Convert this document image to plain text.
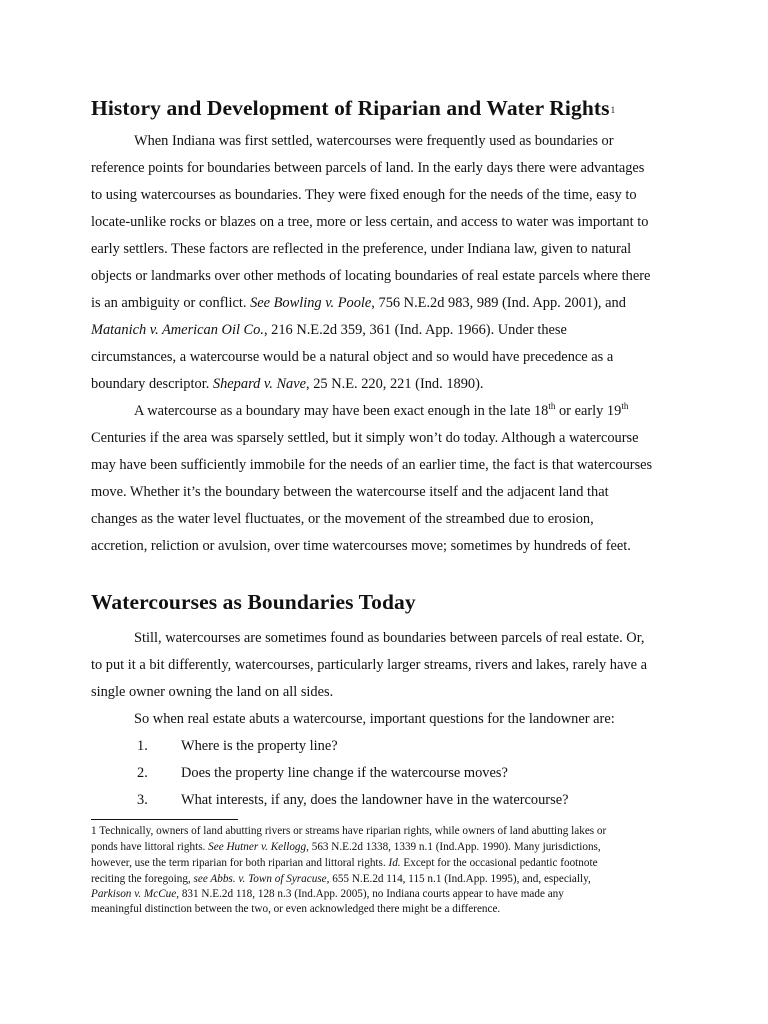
History and Development of Riparian and Water Rights1

When Indiana was first settled, watercourses were frequently used as boundaries or

reference points for boundaries between parcels of land. In the early days there were advantages

to using watercourses as boundaries. They were fixed enough for the needs of the time, easy to

locate-unlike rocks or blazes on a tree, more or less certain, and access to water was important to

early settlers. These factors are reflected in the preference, under Indiana law, given to natural

objects or landmarks over other methods of locating boundaries of real estate parcels where there

is an ambiguity or conflict. See Bowling v. Poole, 756 N.E.2d 983, 989 (Ind. App. 2001), and

Matanich v. American Oil Co., 216 N.E.2d 359, 361 (Ind. App. 1966). Under these

circumstances, a watercourse would be a natural object and so would have precedence as a

boundary descriptor. Shepard v. Nave, 25 N.E. 220, 221 (Ind. 1890).

A watercourse as a boundary may have been exact enough in the late 18th or early 19th

Centuries if the area was sparsely settled, but it simply won’t do today. Although a watercourse

may have been sufficiently immobile for the needs of an earlier time, the fact is that watercourses

move. Whether it’s the boundary between the watercourse itself and the adjacent land that

changes as the water level fluctuates, or the movement of the streambed due to erosion,

accretion, reliction or avulsion, over time watercourses move; sometimes by hundreds of feet.

Watercourses as Boundaries Today

Still, watercourses are sometimes found as boundaries between parcels of real estate. Or,

to put it a bit differently, watercourses, particularly larger streams, rivers and lakes, rarely have a

single owner owning the land on all sides.

So when real estate abuts a watercourse, important questions for the landowner are:

1. Where is the property line?
2. Does the property line change if the watercourse moves?
3. What interests, if any, does the landowner have in the watercourse?

1 Technically, owners of land abutting rivers or streams have riparian rights, while owners of land abutting lakes or

ponds have littoral rights. See Hutner v. Kellogg, 563 N.E.2d 1338, 1339 n.1 (Ind.App. 1990). Many jurisdictions,

however, use the term riparian for both riparian and littoral rights. Id. Except for the occasional pedantic footnote

reciting the foregoing, see Abbs. v. Town of Syracuse, 655 N.E.2d 114, 115 n.1 (Ind.App. 1995), and, especially,

Parkison v. McCue, 831 N.E.2d 118, 128 n.3 (Ind.App. 2005), no Indiana courts appear to have made any

meaningful distinction between the two, or even acknowledged there might be a difference.
